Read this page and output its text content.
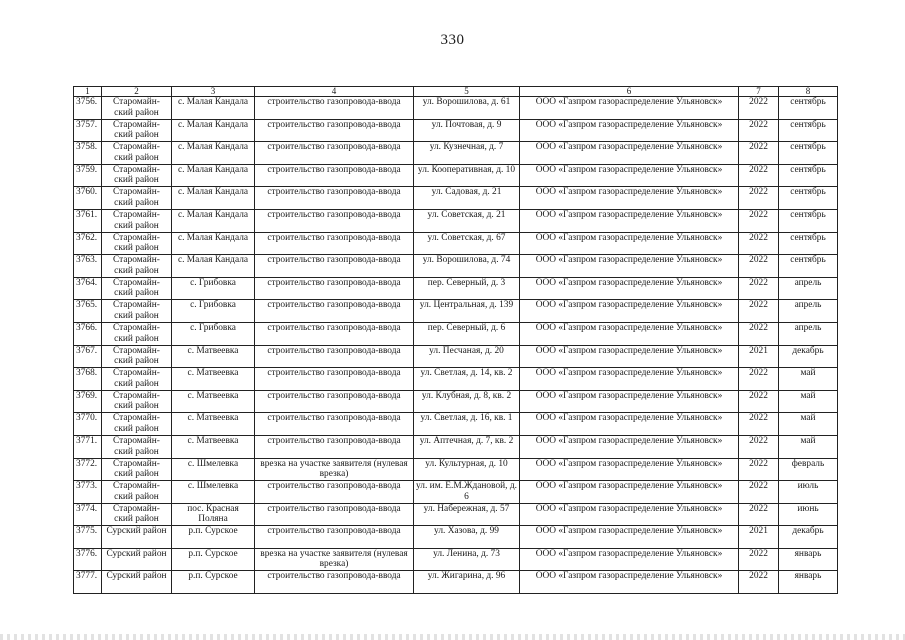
330
1	2	3	4	5	6	7	8
3756.	Старомайн-ский район	с. Малая Кандала	строительство газопровода-ввода	ул. Ворошилова, д. 61	ООО «Газпром газораспределение Ульяновск»	2022	сентябрь
3757.	Старомайн-ский район	с. Малая Кандала	строительство газопровода-ввода	ул. Почтовая, д. 9	ООО «Газпром газораспределение Ульяновск»	2022	сентябрь
3758.	Старомайн-ский район	с. Малая Кандала	строительство газопровода-ввода	ул. Кузнечная, д. 7	ООО «Газпром газораспределение Ульяновск»	2022	сентябрь
3759.	Старомайн-ский район	с. Малая Кандала	строительство газопровода-ввода	ул. Кооперативная, д. 10	ООО «Газпром газораспределение Ульяновск»	2022	сентябрь
3760.	Старомайн-ский район	с. Малая Кандала	строительство газопровода-ввода	ул. Садовая, д. 21	ООО «Газпром газораспределение Ульяновск»	2022	сентябрь
3761.	Старомайн-ский район	с. Малая Кандала	строительство газопровода-ввода	ул. Советская, д. 21	ООО «Газпром газораспределение Ульяновск»	2022	сентябрь
3762.	Старомайн-ский район	с. Малая Кандала	строительство газопровода-ввода	ул. Советская, д. 67	ООО «Газпром газораспределение Ульяновск»	2022	сентябрь
3763.	Старомайн-ский район	с. Малая Кандала	строительство газопровода-ввода	ул. Ворошилова, д. 74	ООО «Газпром газораспределение Ульяновск»	2022	сентябрь
3764.	Старомайн-ский район	с. Грибовка	строительство газопровода-ввода	пер. Северный, д. 3	ООО «Газпром газораспределение Ульяновск»	2022	апрель
3765.	Старомайн-ский район	с. Грибовка	строительство газопровода-ввода	ул. Центральная, д. 139	ООО «Газпром газораспределение Ульяновск»	2022	апрель
3766.	Старомайн-ский район	с. Грибовка	строительство газопровода-ввода	пер. Северный, д. 6	ООО «Газпром газораспределение Ульяновск»	2022	апрель
3767.	Старомайн-ский район	с. Матвеевка	строительство газопровода-ввода	ул. Песчаная, д. 20	ООО «Газпром газораспределение Ульяновск»	2021	декабрь
3768.	Старомайн-ский район	с. Матвеевка	строительство газопровода-ввода	ул. Светлая, д. 14, кв. 2	ООО «Газпром газораспределение Ульяновск»	2022	май
3769.	Старомайн-ский район	с. Матвеевка	строительство газопровода-ввода	ул. Клубная, д. 8, кв. 2	ООО «Газпром газораспределение Ульяновск»	2022	май
3770.	Старомайн-ский район	с. Матвеевка	строительство газопровода-ввода	ул. Светлая, д. 16, кв. 1	ООО «Газпром газораспределение Ульяновск»	2022	май
3771.	Старомайн-ский район	с. Матвеевка	строительство газопровода-ввода	ул. Аптечная, д. 7, кв. 2	ООО «Газпром газораспределение Ульяновск»	2022	май
3772.	Старомайн-ский район	с. Шмелевка	врезка на участке заявителя (нулевая врезка)	ул. Культурная, д. 10	ООО «Газпром газораспределение Ульяновск»	2022	февраль
3773.	Старомайн-ский район	с. Шмелевка	строительство газопровода-ввода	ул. им. Е.М.Ждановой, д. 6	ООО «Газпром газораспределение Ульяновск»	2022	июль
3774.	Старомайн-ский район	пос. Красная Поляна	строительство газопровода-ввода	ул. Набережная, д. 57	ООО «Газпром газораспределение Ульяновск»	2022	июнь
3775.	Сурский район	р.п. Сурское	строительство газопровода-ввода	ул. Хазова, д. 99	ООО «Газпром газораспределение Ульяновск»	2021	декабрь
3776.	Сурский район	р.п. Сурское	врезка на участке заявителя (нулевая врезка)	ул. Ленина, д. 73	ООО «Газпром газораспределение Ульяновск»	2022	январь
3777.	Сурский район	р.п. Сурское	строительство газопровода-ввода	ул. Жигарина, д. 96	ООО «Газпром газораспределение Ульяновск»	2022	январь
